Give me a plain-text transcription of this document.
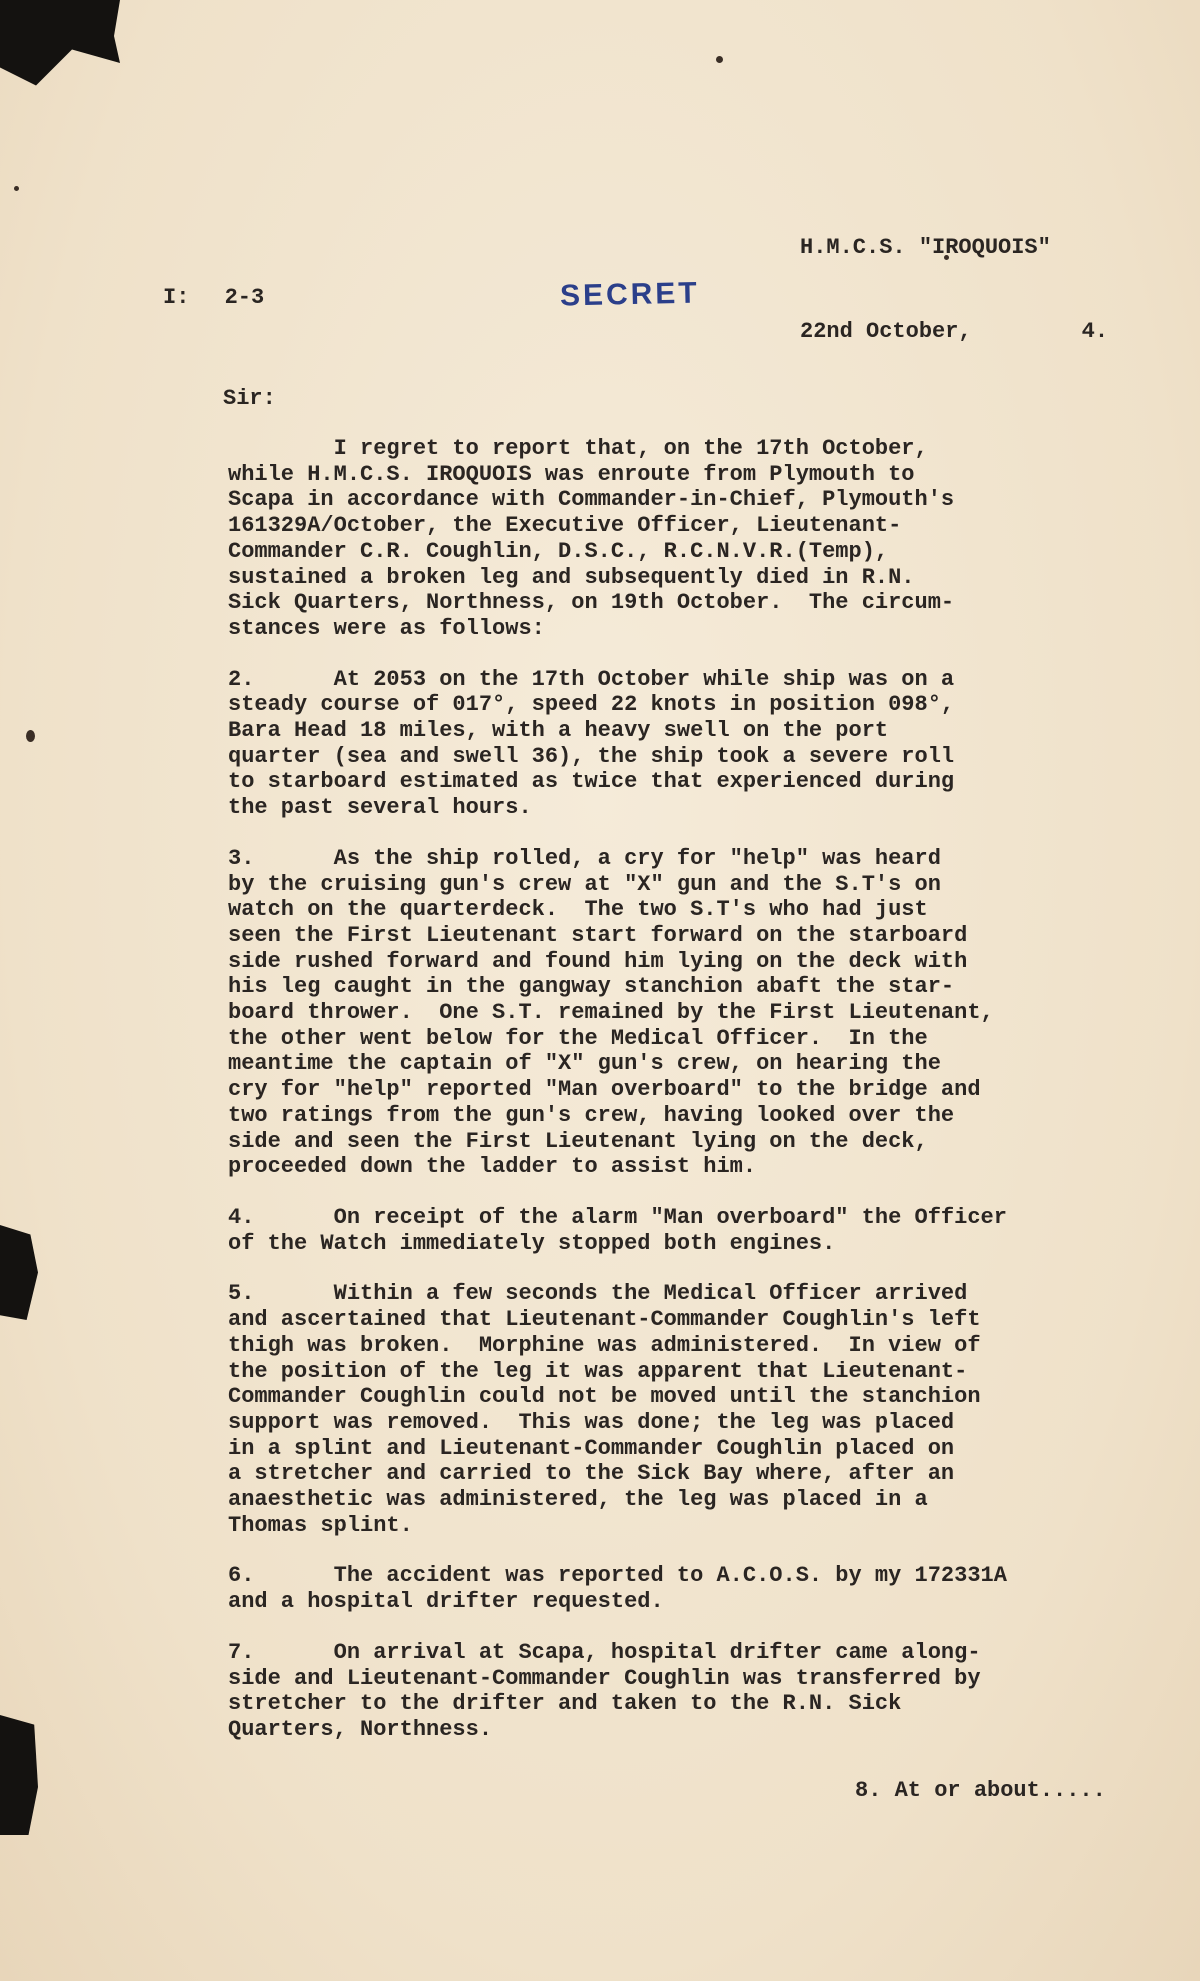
H.M.C.S. "IROQUOIS"

22nd October,	4.

I: 2-3	SECRET
Sir:
I regret to report that, on the 17th October,
while H.M.C.S. IROQUOIS was enroute from Plymouth to
Scapa in accordance with Commander-in-Chief, Plymouth's
161329A/October, the Executive Officer, Lieutenant-
Commander C.R. Coughlin, D.S.C., R.C.N.V.R.(Temp),
sustained a broken leg and subsequently died in R.N.
Sick Quarters, Northness, on 19th October.  The circum-
stances were as follows:
2.      At 2053 on the 17th October while ship was on a
steady course of 017°, speed 22 knots in position 098°,
Bara Head 18 miles, with a heavy swell on the port
quarter (sea and swell 36), the ship took a severe roll
to starboard estimated as twice that experienced during
the past several hours.
3.      As the ship rolled, a cry for "help" was heard
by the cruising gun's crew at "X" gun and the S.T's on
watch on the quarterdeck.  The two S.T's who had just
seen the First Lieutenant start forward on the starboard
side rushed forward and found him lying on the deck with
his leg caught in the gangway stanchion abaft the star-
board thrower.  One S.T. remained by the First Lieutenant,
the other went below for the Medical Officer.  In the
meantime the captain of "X" gun's crew, on hearing the
cry for "help" reported "Man overboard" to the bridge and
two ratings from the gun's crew, having looked over the
side and seen the First Lieutenant lying on the deck,
proceeded down the ladder to assist him.
4.      On receipt of the alarm "Man overboard" the Officer
of the Watch immediately stopped both engines.
5.      Within a few seconds the Medical Officer arrived
and ascertained that Lieutenant-Commander Coughlin's left
thigh was broken.  Morphine was administered.  In view of
the position of the leg it was apparent that Lieutenant-
Commander Coughlin could not be moved until the stanchion
support was removed.  This was done; the leg was placed
in a splint and Lieutenant-Commander Coughlin placed on
a stretcher and carried to the Sick Bay where, after an
anaesthetic was administered, the leg was placed in a
Thomas splint.
6.      The accident was reported to A.C.O.S. by my 172331A
and a hospital drifter requested.
7.      On arrival at Scapa, hospital drifter came along-
side and Lieutenant-Commander Coughlin was transferred by
stretcher to the drifter and taken to the R.N. Sick
Quarters, Northness.
8. At or about.....
